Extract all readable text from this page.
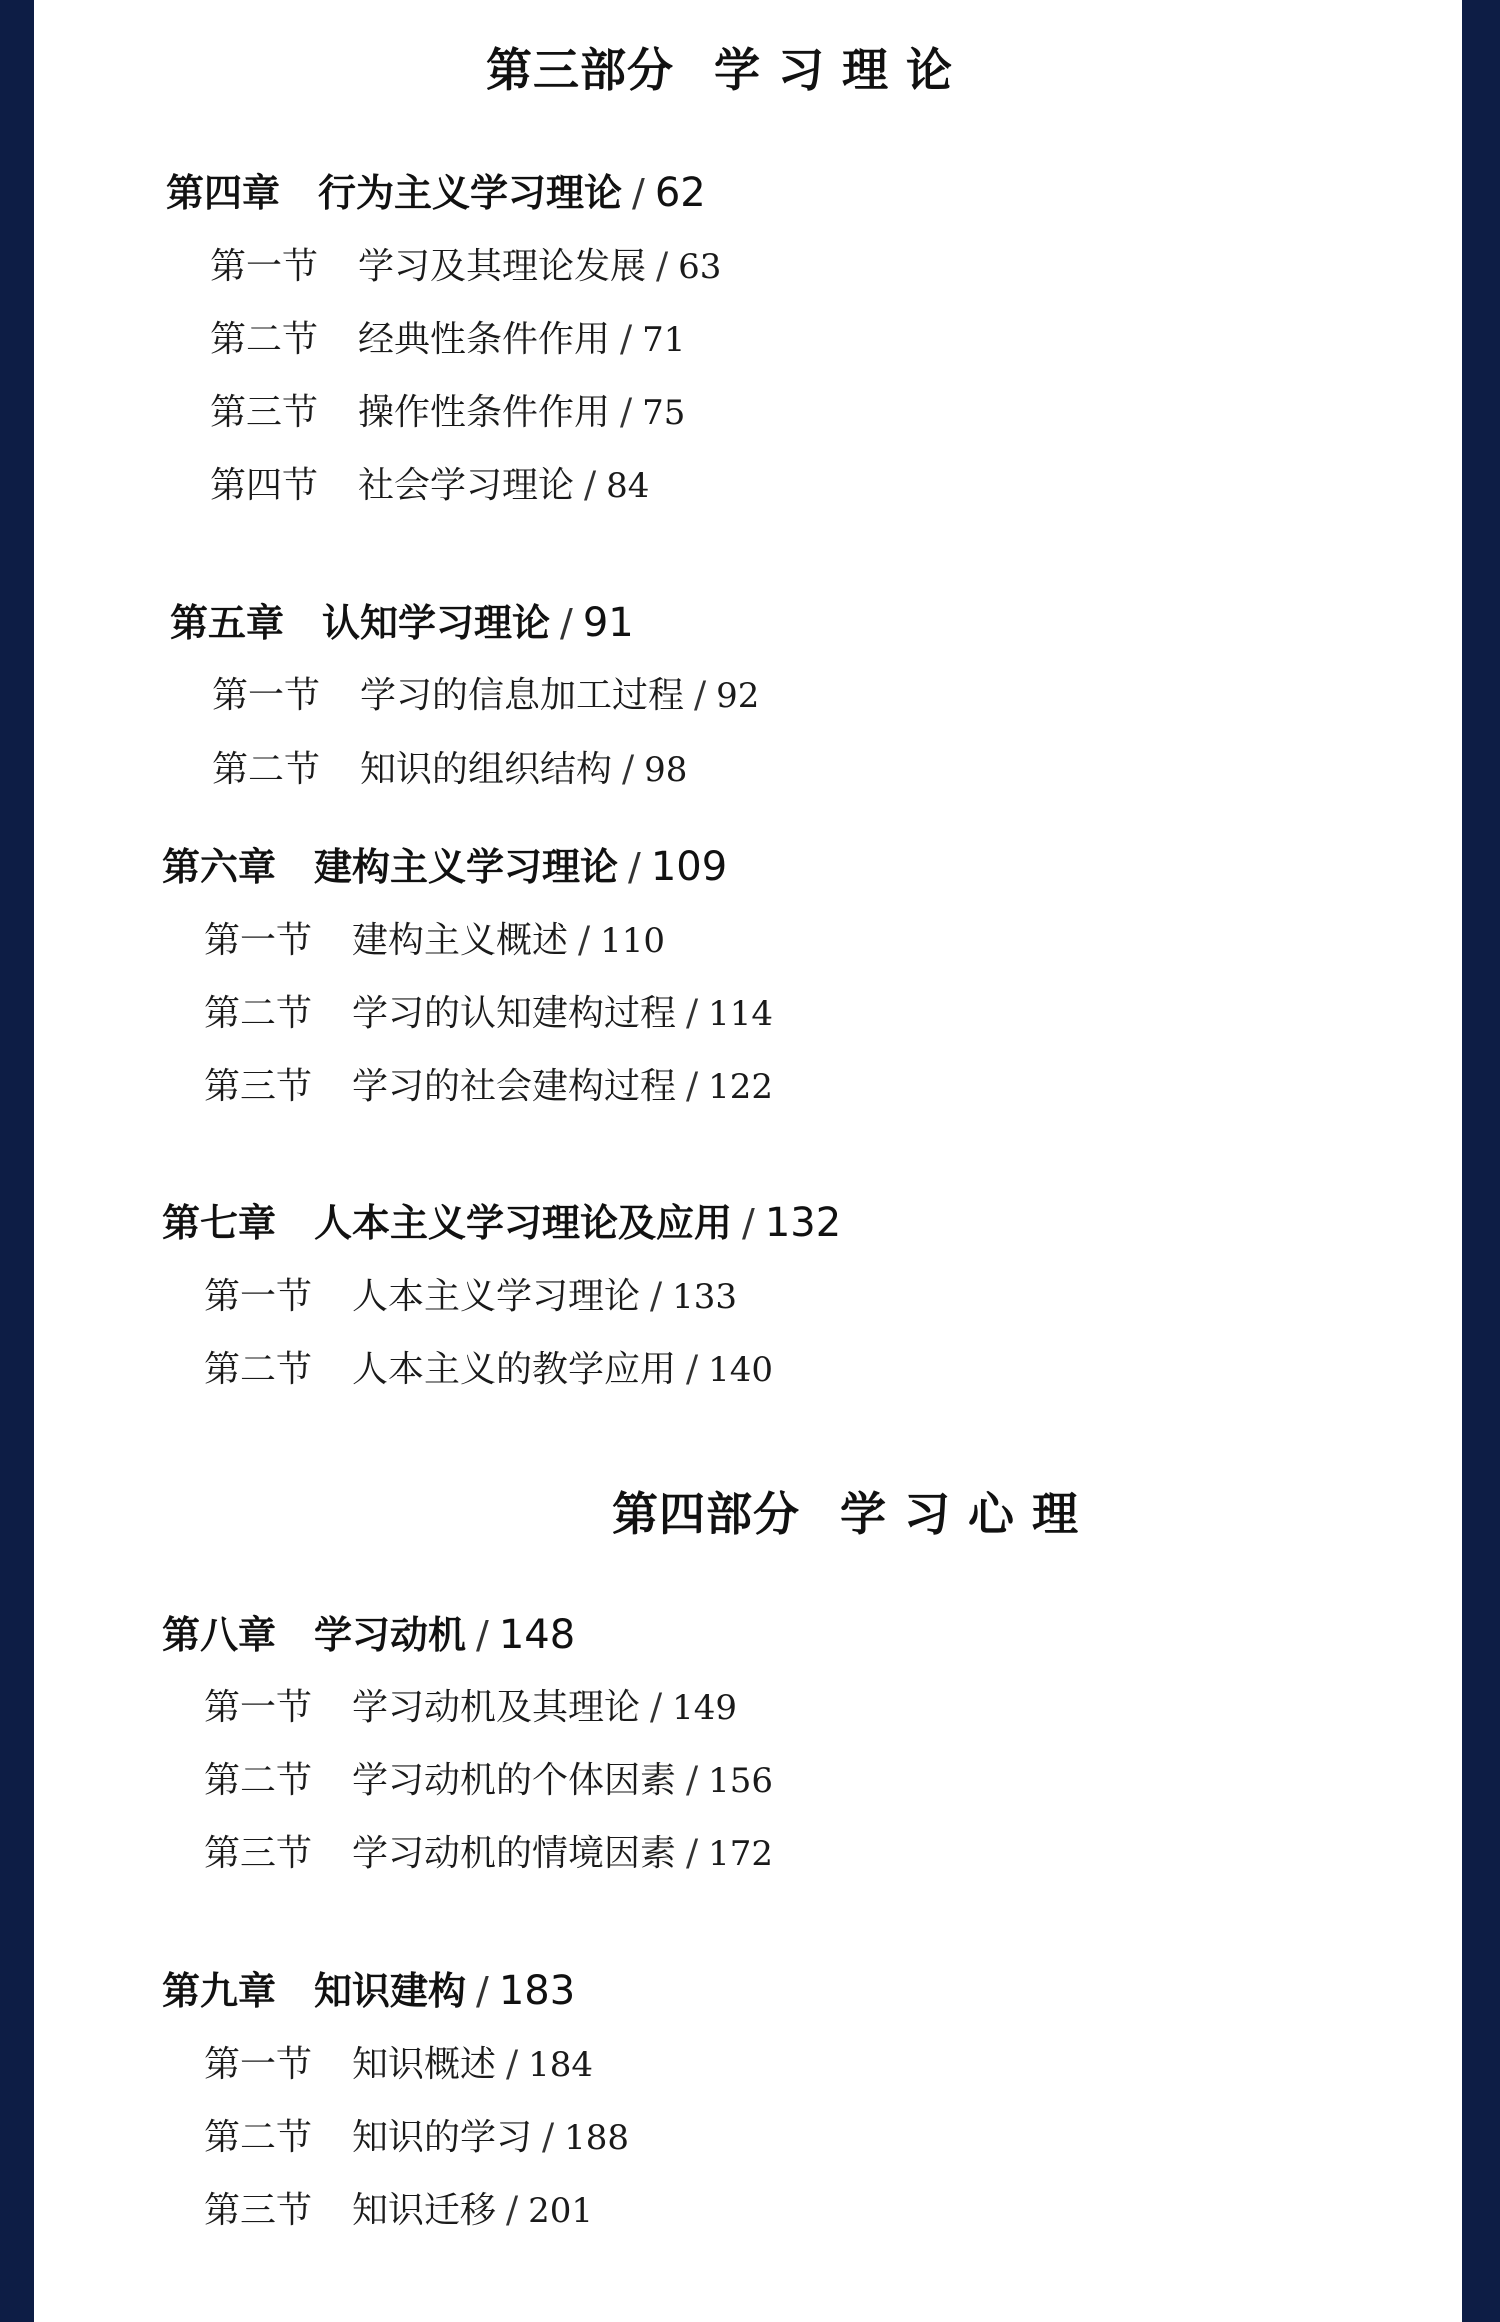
第三部分 学习理论
第四章 行为主义学习理论 / 62
第一节 学习及其理论发展 / 63
第二节 经典性条件作用 / 71
第三节 操作性条件作用 / 75
第四节 社会学习理论 / 84
第五章 认知学习理论 / 91
第一节 学习的信息加工过程 / 92
第二节 知识的组织结构 / 98
第六章 建构主义学习理论 / 109
第一节 建构主义概述 / 110
第二节 学习的认知建构过程 / 114
第三节 学习的社会建构过程 / 122
第七章 人本主义学习理论及应用 / 132
第一节 人本主义学习理论 / 133
第二节 人本主义的教学应用 / 140
第四部分 学习心理
第八章 学习动机 / 148
第一节 学习动机及其理论 / 149
第二节 学习动机的个体因素 / 156
第三节 学习动机的情境因素 / 172
第九章 知识建构 / 183
第一节 知识概述 / 184
第二节 知识的学习 / 188
第三节 知识迁移 / 201
